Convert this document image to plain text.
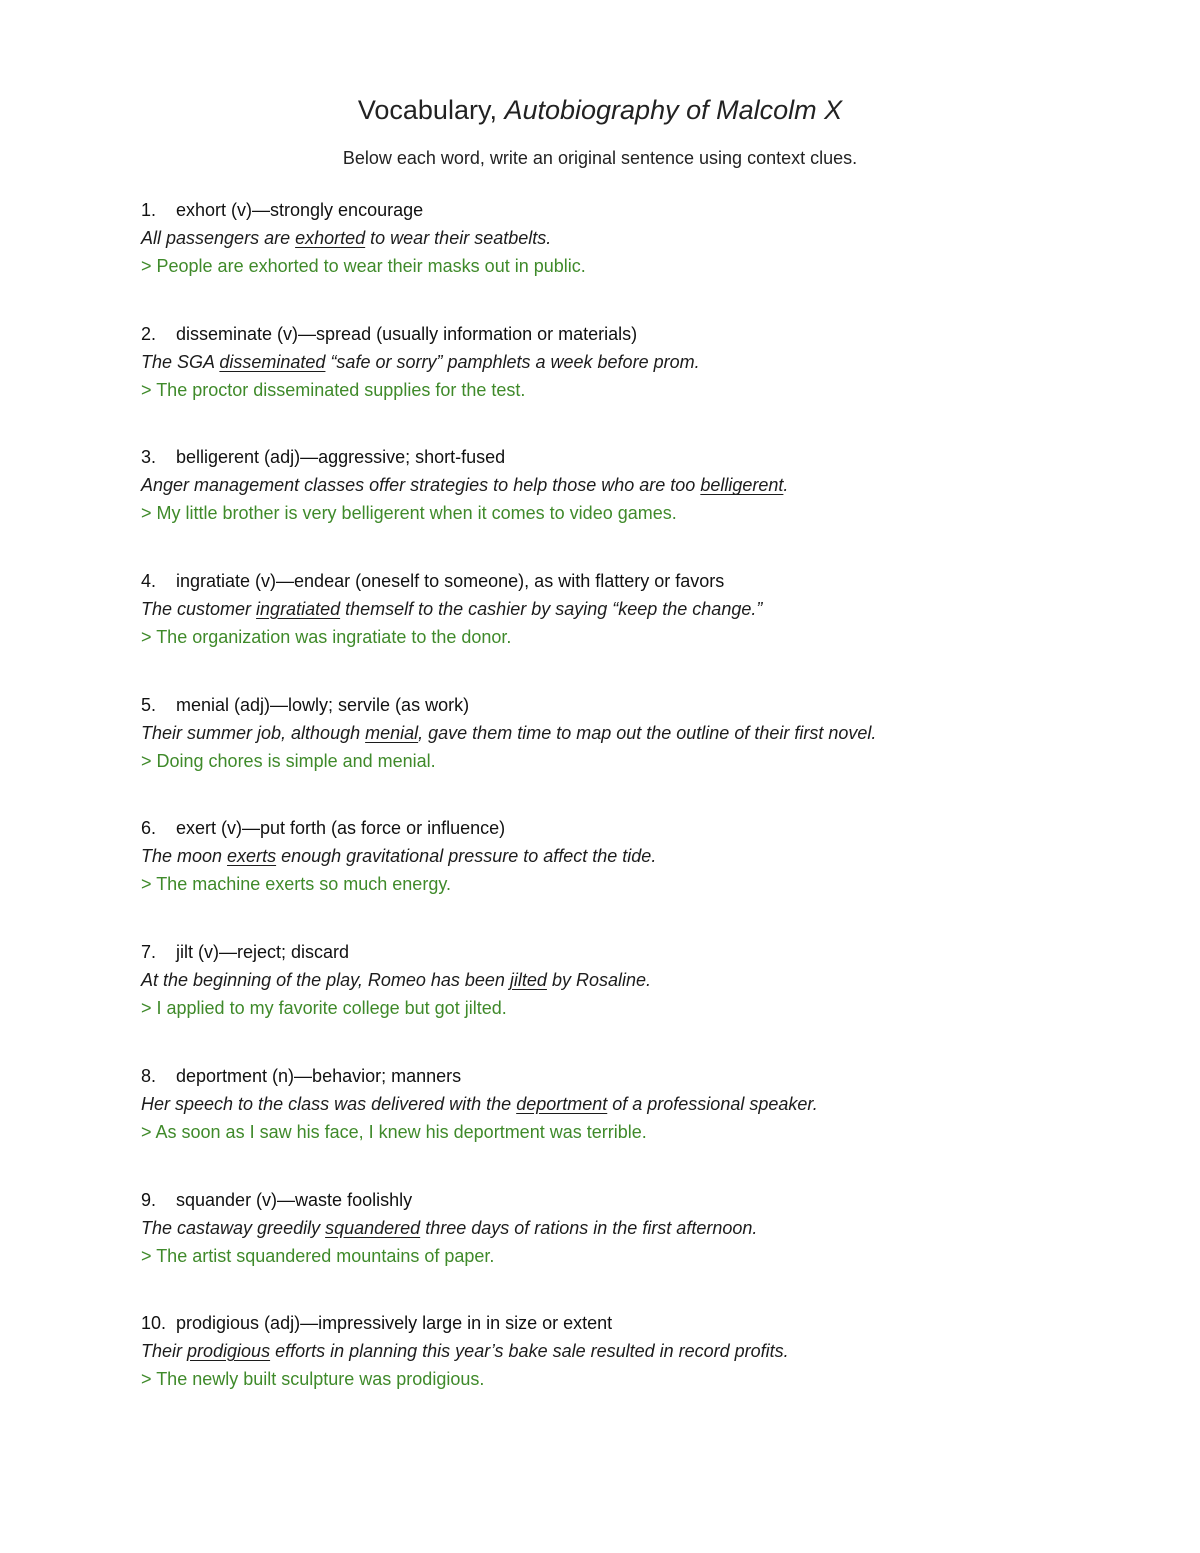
Vocabulary, Autobiography of Malcolm X
Below each word, write an original sentence using context clues.
1. exhort (v)—strongly encourage
All passengers are exhorted to wear their seatbelts.
> People are exhorted to wear their masks out in public.
2. disseminate (v)—spread (usually information or materials)
The SGA disseminated “safe or sorry” pamphlets a week before prom.
> The proctor disseminated supplies for the test.
3. belligerent (adj)—aggressive; short-fused
Anger management classes offer strategies to help those who are too belligerent.
> My little brother is very belligerent when it comes to video games.
4. ingratiate (v)—endear (oneself to someone), as with flattery or favors
The customer ingratiated themself to the cashier by saying “keep the change.”
> The organization was ingratiate to the donor.
5. menial (adj)—lowly; servile (as work)
Their summer job, although menial, gave them time to map out the outline of their first novel.
> Doing chores is simple and menial.
6. exert (v)—put forth (as force or influence)
The moon exerts enough gravitational pressure to affect the tide.
> The machine exerts so much energy.
7. jilt (v)—reject; discard
At the beginning of the play, Romeo has been jilted by Rosaline.
> I applied to my favorite college but got jilted.
8. deportment (n)—behavior; manners
Her speech to the class was delivered with the deportment of a professional speaker.
> As soon as I saw his face, I knew his deportment was terrible.
9. squander (v)—waste foolishly
The castaway greedily squandered three days of rations in the first afternoon.
> The artist squandered mountains of paper.
10. prodigious (adj)—impressively large in in size or extent
Their prodigious efforts in planning this year’s bake sale resulted in record profits.
> The newly built sculpture was prodigious.
